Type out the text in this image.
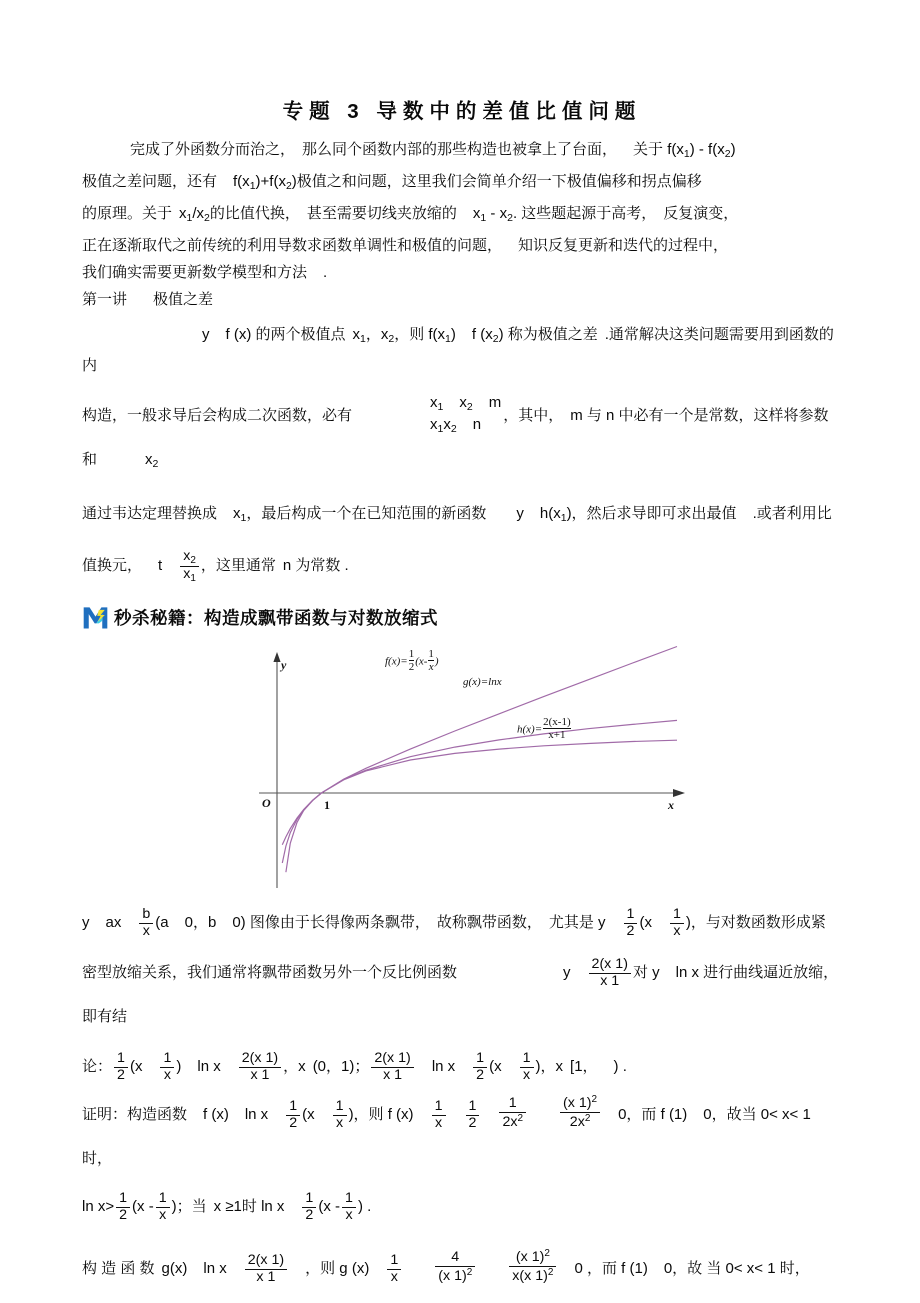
专题 3 导数中的差值比值问题

完成了外函数分而治之， 那么同个函数内部的那些构造也被拿上了台面， 关于 $f(x_1) - f(x_2)$

极值之差问题，还有 $f(x_1)+f(x_2)$极值之和问题，这里我们会简单介绍一下极值偏移和拐点偏移

的原理。关于 $x_1/x_2$的比值代换， 甚至需要切线夹放缩的 $x_1 - x_2$. 这些题起源于高考， 反复演变，

正在逐渐取代之前传统的利用导数求函数单调性和极值的问题， 知识反复更新和迭代的过程中，

我们确实需要更新数学模型和方法 .

第一讲 极值之差

y f (x) 的两个极值点 $x_1$，$x_2$，则 $f(x_1)$ f $(x_2)$ 称为极值之差 .通常解决这类问题需要用到函数的内

构造，一般求导后会构成二次函数，必有
$x_1$ $x_2$ m
$x_1x_2$ n	，其中， m 与 n 中必有一个是常数，这样将参数和	$x_2$

通过韦达定理替换成 $x_1$，最后构成一个在已知范围的新函数 y $h(x_1)$，然后求导即可求出最值 .或者利用比

值换元， t $\frac{x_2}{x_1}$ ，这里通常 n 为常数 .

秒杀秘籍：构造成飘带函数与对数放缩式
y
x
O	1
$f(x)= \frac{1}{2} (x- \frac{1}{x}$ )
g(x)=lnx
$h(x)= \frac{2(x-1)}{x+1}$

y ax $\frac{b}{x} (a$ 0，b 0) 图像由于长得像两条飘带， 故称飘带函数， 尤其是 y $\frac{1}{2} (x \frac{1}{x}$ )，与对数函数形成紧

密型放缩关系，我们通常将飘带函数另外一个反比例函数	y $\frac{2(x 1)}{x 1}$ 对 y ln x 进行曲线逼近放缩，即有结

论： $\frac{1}{2} (x \frac{1}{x}$ ) ln x $\frac{2(x 1)}{x 1}$ ，x (0，1)； $\frac{2(x 1)}{x 1}$ ln x $\frac{1}{2} (x \frac{1}{x}$ )，x [1， ) .

证明：构造函数 f (x) ln x $\frac{1}{2} (x \frac{1}{x}$ )，则 f $(x) \frac{1}{x} \frac{1}{2} \frac{1}{2x^2} \frac{(x 1)^2}{2x^2} 0$，而 f (1) 0，故当 0< x< 1 时，

$\ln x> \frac{1}{2} (x - \frac{1}{x}$ )；当 x ≥1时 ln x $\frac{1}{2} (x - \frac{1}{x}$ ) .

构 造 函 数 g(x) ln x $\frac{2(x 1)}{x 1}$ ，则 g $(x) \frac{1}{x} \frac{4}{(x 1)^2} \frac{(x 1)^2}{x(x 1)^2} 0$ ，而 f (1) 0，故 当 0< x< 1 时，
